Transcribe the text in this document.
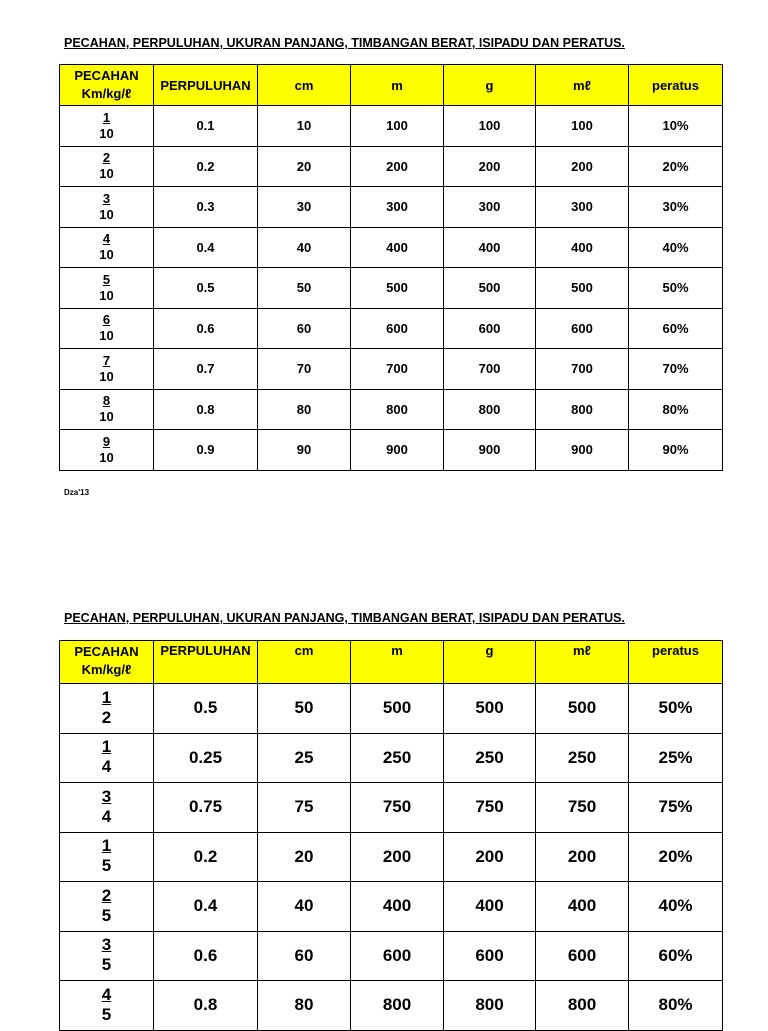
PECAHAN, PERPULUHAN, UKURAN PANJANG, TIMBANGAN BERAT, ISIPADU DAN PERATUS.
PECAHAN
Km/kg/ℓ	PERPULUHAN	cm	m	g	mℓ	peratus

$\frac{1}{10}$	0.1	10	100	100	100	10%

$\frac{2}{10}$	0.2	20	200	200	200	20%

$\frac{3}{10}$	0.3	30	300	300	300	30%

$\frac{4}{10}$	0.4	40	400	400	400	40%

$\frac{5}{10}$	0.5	50	500	500	500	50%

$\frac{6}{10}$	0.6	60	600	600	600	60%

$\frac{7}{10}$	0.7	70	700	700	700	70%

$\frac{8}{10}$	0.8	80	800	800	800	80%

$\frac{9}{10}$	0.9	90	900	900	900	90%
Dza'13
PECAHAN, PERPULUHAN, UKURAN PANJANG, TIMBANGAN BERAT, ISIPADU DAN PERATUS.
PECAHAN
Km/kg/ℓ	PERPULUHAN	cm	m	g	mℓ	peratus

$\frac{1}{2}$	0.5	50	500	500	500	50%

$\frac{1}{4}$	0.25	25	250	250	250	25%

$\frac{3}{4}$	0.75	75	750	750	750	75%

$\frac{1}{5}$	0.2	20	200	200	200	20%

$\frac{2}{5}$	0.4	40	400	400	400	40%

$\frac{3}{5}$	0.6	60	600	600	600	60%

$\frac{4}{5}$	0.8	80	800	800	800	80%
